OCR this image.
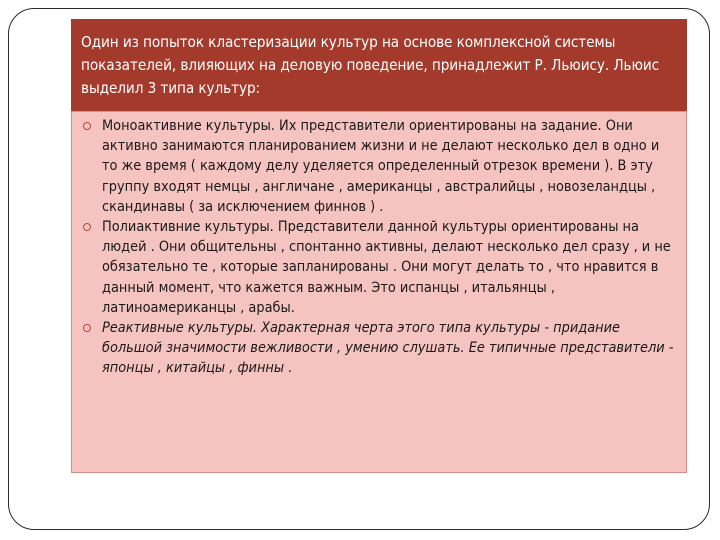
Один из попыток кластеризации культур на основе комплексной системы показателей, влияющих на деловую поведение, принадлежит Р. Льюису. Льюис выделил 3 типа культур:

Моноактивние культуры. Их представители ориентированы на задание. Они активно занимаются планированием жизни и не делают несколько дел в одно и то же время ( каждому делу уделяется определенный отрезок времени ). В эту группу входят немцы , англичане , американцы , австралийцы , новозеландцы , скандинавы ( за исключением финнов ) .
Полиактивние культуры. Представители данной культуры ориентированы на людей . Они общительны , спонтанно активны, делают несколько дел сразу , и не обязательно те , которые запланированы . Они могут делать то , что нравится в данный момент, что кажется важным. Это испанцы , итальянцы , латиноамериканцы , арабы.
Реактивные культуры. Характерная черта этого типа культуры - придание большой значимости вежливости , умению слушать. Ее типичные представители - японцы , китайцы , финны .
